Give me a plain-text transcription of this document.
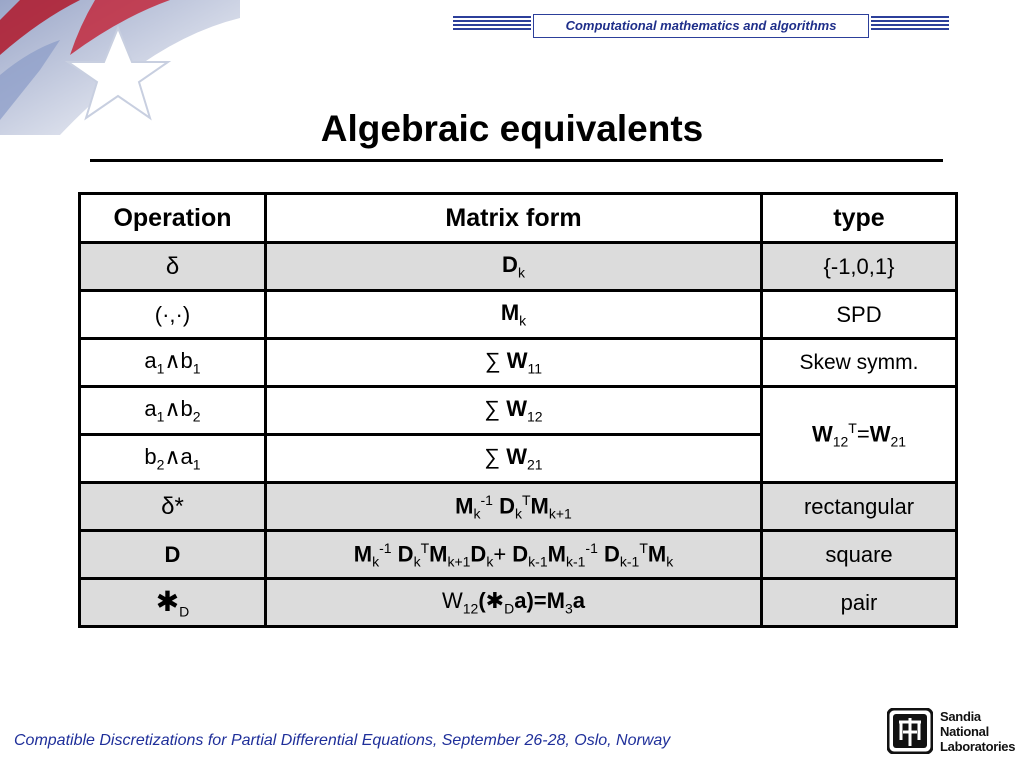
Computational mathematics and algorithms
Algebraic equivalents
Operation	Matrix form	type
δ	$D_k$	{-1,0,1}
(·,·)	$M_k$	SPD
$a_1\wedge b_1$	∑ $W_{11}$	Skew symm.
$a_1\wedge b_2$	∑ $W_{12}$	$W_{12}^T=W_{21}$
$b_2\wedge a_1$	∑ $W_{21}$
δ*	$M_k^{-1}$ $D_k^TM_{k+1}$	rectangular
D	$M_k^{-1}$ $D_k^TM_{k+1}D_k+ D_{k-1}M_{k-1}^{-1}$ $D_{k-1}^TM_k$	square
$✱_D$	$W_{12}(✱_Da)=M_3a$	pair
Compatible Discretizations for Partial Differential Equations, September 26-28, Oslo, Norway
Sandia
National
Laboratories
